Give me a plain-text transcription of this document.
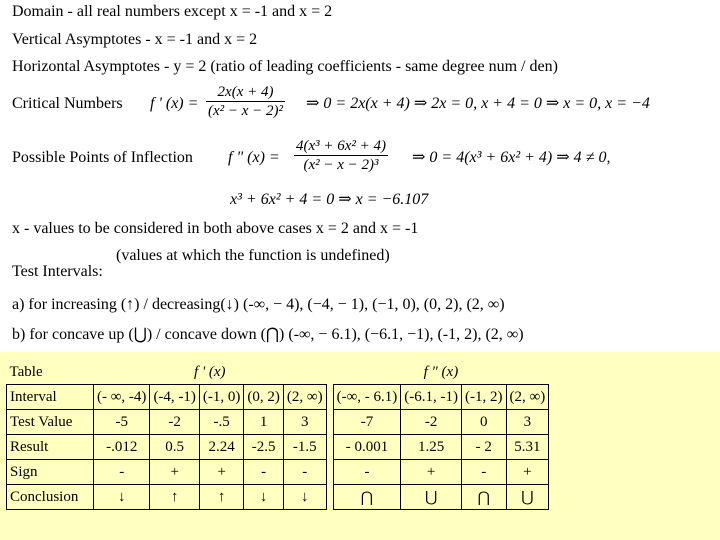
Domain - all real numbers except x = -1 and x = 2
Vertical Asymptotes - x = -1 and x = 2
Horizontal Asymptotes - y = 2 (ratio of leading coefficients - same degree num / den)
Critical Numbers f ' $(x) = \frac{2x(x + 4)}{\text{(x² − x − 2)²}}$ ⇒ 0 = 2x(x + 4) ⇒ 2x = 0, x + 4 = 0 ⇒ x = 0, x = −4
Possible Points of Inflection f " $(x) = \frac{\text{4(x³ + 6x² + 4)}}{\text{(x² − x − 2)³}}$ ⇒ 0 = 4(x³ + 6x² + 4) ⇒ 4 ≠ 0,
x³ + 6x² + 4 = 0 ⇒ x = −6.107
x - values to be considered in both above cases x = 2 and x = -1
(values at which the function is undefined)
Test Intervals:
a) for increasing (↑) / decreasing(↓) (-∞, − 4), (−4, − 1), (−1, 0), (0, 2), (2, ∞)
b) for concave up (⋃) / concave down (⋂) (-∞, − 6.1), (−6.1, −1), (-1, 2), (2, ∞)
Table	f ' (x)						f " (x)			
Interval	(- ∞, -4)	(-4, -1)	(-1, 0)	(0, 2)	(2, ∞)		(-∞, - 6.1)	(-6.1, -1)	(-1, 2)	(2, ∞)
Test Value	-5	-2	-.5	1	3		-7	-2	0	3
Result	-.012	0.5	2.24	-2.5	-1.5		- 0.001	1.25	- 2	5.31
Sign	-	+	+	-	-		-	+	-	+
Conclusion	↓	↑	↑	↓	↓		⋂	⋃	⋂	⋃
